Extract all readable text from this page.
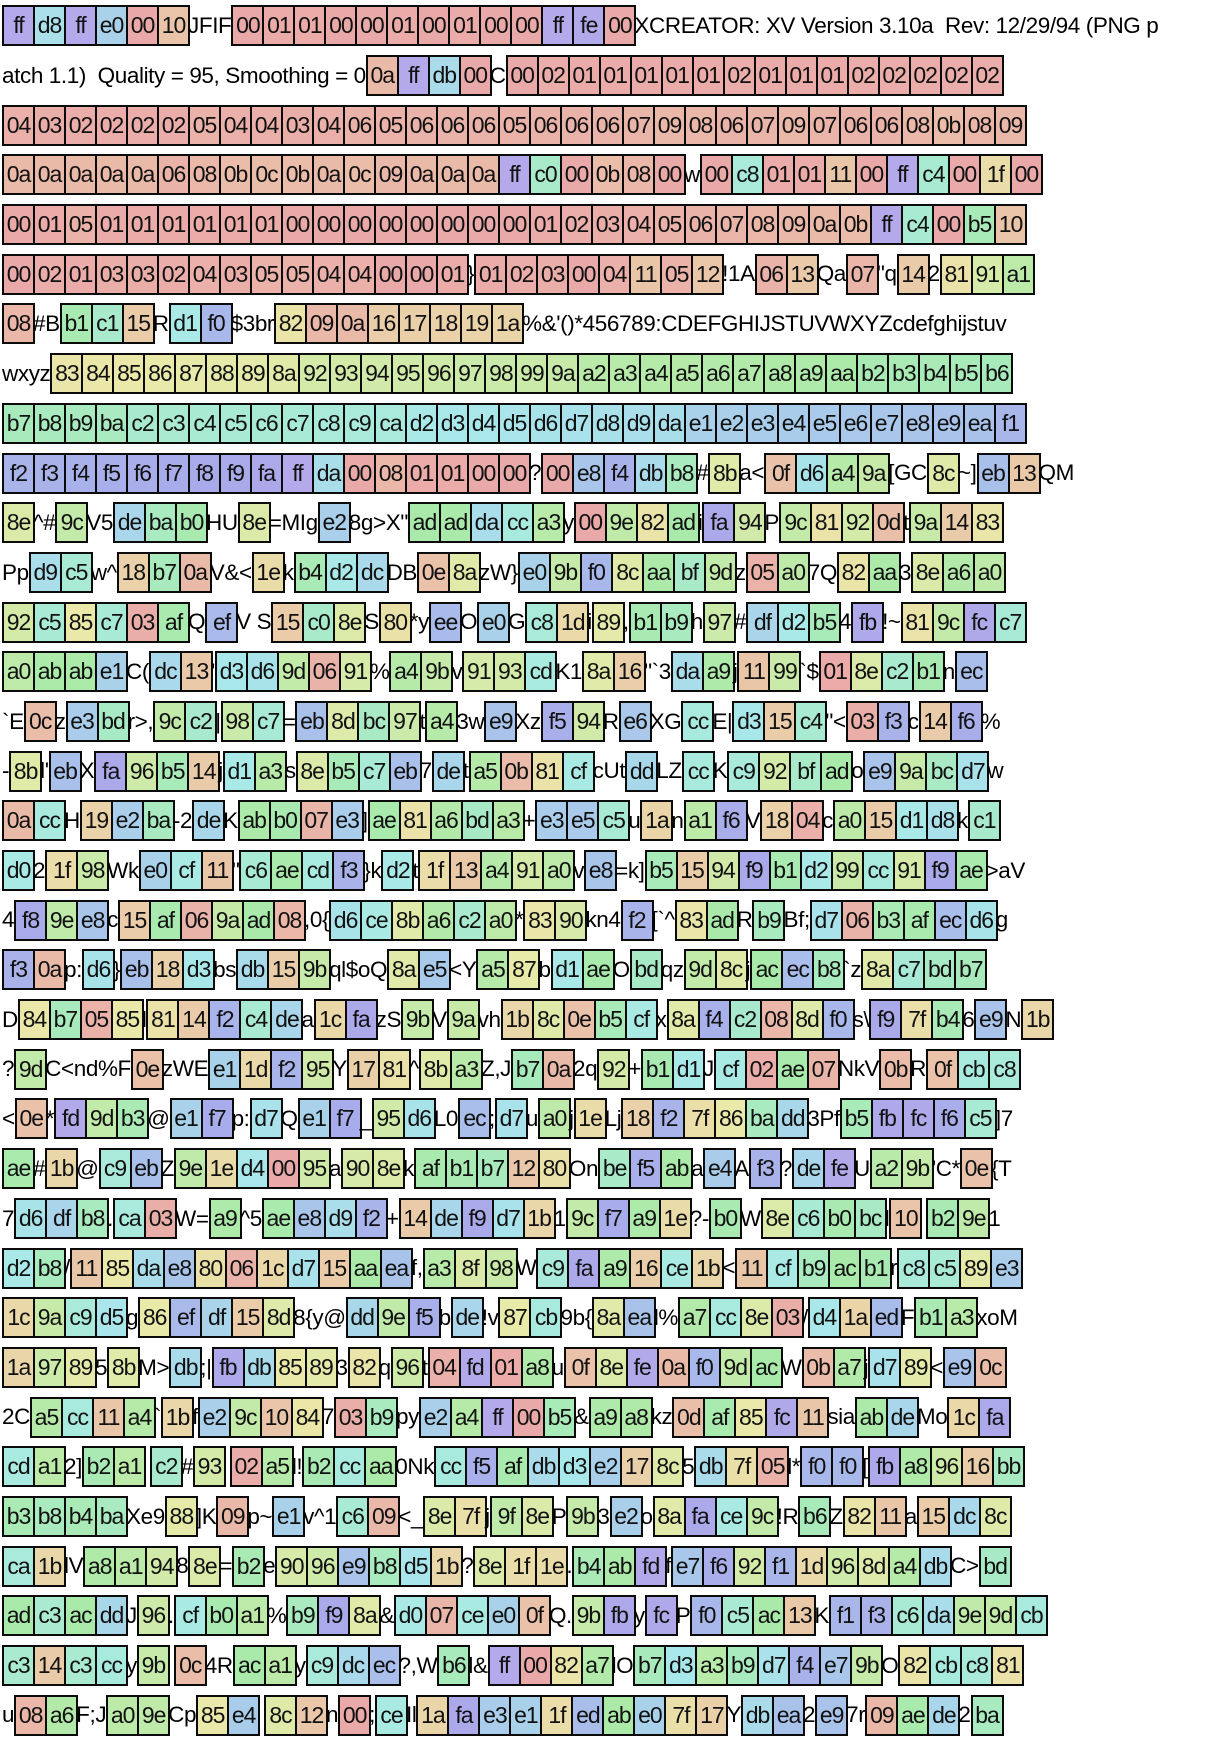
ff d8 ff e0 00 10 JFIF 00 01 01 00 00 01 00 01 00 00 ff fe 00 XCREATOR: XV Version 3.10a  Rev: 12/29/94 (PNG p
atch 1.1)  Quality = 95, Smoothing = 0 0a ff db 00 C 00 02 01 01 01 01 01 02 01 01 01 02 02 02 02 02
04 03 02 02 02 02 05 04 04 03 04 06 05 06 06 06 05 06 06 06 07 09 08 06 07 09 07 06 06 08 0b 08 09
0a 0a 0a 0a 0a 06 08 0b 0c 0b 0a 0c 09 0a 0a 0a ff c0 00 0b 08 00 w 00 c8 01 01 11 00 ff c4 00 1f 00
00 01 05 01 01 01 01 01 01 00 00 00 00 00 00 00 00 01 02 03 04 05 06 07 08 09 0a 0b ff c4 00 b5 10
00 02 01 03 03 02 04 03 05 05 04 04 00 00 01 } 01 02 03 00 04 11 05 12 !1A 06 13 Qa 07 "q 14 2 81 91 a1
08 #B b1 c1 15 R d1 f0 $3br 82 09 0a 16 17 18 19 1a %&'()*456789:CDEFGHIJSTUVWXYZcdefghijstuv
wxyz 83 84 85 86 87 88 89 8a 92 93 94 95 96 97 98 99 9a a2 a3 a4 a5 a6 a7 a8 a9 aa b2 b3 b4 b5 b6
b7 b8 b9 ba c2 c3 c4 c5 c6 c7 c8 c9 ca d2 d3 d4 d5 d6 d7 d8 d9 da e1 e2 e3 e4 e5 e6 e7 e8 e9 ea f1
f2 f3 f4 f5 f6 f7 f8 f9 fa ff da 00 08 01 01 00 00 ? 00 e8 f4 db b8 # 8b a< 0f d6 a4 9a [GC 8c ~] eb 13 QM
8e ^# 9c V5 de ba b0 HU 8e =MIg e2 8g>X" ad ad da cc a3 y 00 9e 82 ad i fa 94 P 9c 81 92 0d t 9a 14 83
Pp d9 c5 w^ 18 b7 0a V&< 1e k b4 d2 dc DB 0e 8a zW} e0 9b f0 8c aa bf 9d z 05 a0 7Q 82 aa 3 8e a6 a0
92 c5 85 c7 03 af Q ef V S 15 c0 8e S 80 *y ee O e0 G c8 1d i 89 , b1 b9 h 97 # df d2 b5 4 fb !~ 81 9c fc c7
a0 ab ab e1 C( dc 13 ' d3 d6 9d 06 91 % a4 9b v 91 93 cd K1 8a 16 "`3 da a9 j 11 99 `$ 01 8e c2 b1 n ec
`E 0c z e3 bd r>, 9c c2 | 98 c7 = eb 8d bc 97 t a4 3w e9 Xz f5 94 R e6 XG cc E| d3 15 c4 "< 03 f3 c 14 f6 %
- 8b l' eb X fa 96 b5 14 j d1 a3 s 8e b5 c7 eb 7 de t a5 0b 81 cf cUt dd LZ cc K c9 92 bf ad o e9 9a bc d7 w
0a cc H 19 e2 ba -2 de K ab b0 07 e3 ] ae 81 a6 bd a3 + e3 e5 c5 u 1a n a1 f6 V 18 04 c a0 15 d1 d8 k c1
d0 2 1f 98 Wk e0 cf 11 " c6 ae cd f3 }k d2 t 1f 13 a4 91 a0 v e8 =k] b5 15 94 f9 b1 d2 99 cc 91 f9 ae >aV
4 f8 9e e8 c 15 af 06 9a ad 08 ,0{ d6 ce 8b a6 c2 a0 * 83 90 kn4 f2 [`^ 83 ad R b9 Bf; d7 06 b3 af ec d6 g
f3 0a p: d6 } eb 18 d3 bs db 15 9b ql$oQ 8a e5 <Y a5 87 b d1 ae O bd qz 9d 8c j ac ec b8 `z 8a c7 bd b7
D 84 b7 05 85 l 81 14 f2 c4 de a 1c fa zS 9b V 9a vh 1b 8c 0e b5 cf x 8a f4 c2 08 8d f0 s\ f9 7f b4 6 e9 N 1b
? 9d C<nd%F 0e zWE e1 1d f2 95 Y 17 81 ^ 8b a3 Z,J b7 0a 2q 92 + b1 d1 J cf 02 ae 07 NkV 0b R 0f cb c8
< 0e * fd 9d b3 @ e1 f7 p: d7 Q e1 f7 _ 95 d6 L0 ec ; d7 u a0 j 1e Lj 18 f2 7f 86 ba dd 3Pf b5 fb fc f6 c5 ]7
ae # 1b @ c9 eb Z 9e 1e d4 00 95 a 90 8e k af b1 b7 12 80 On be f5 ab a e4 A f3 ? de fe U a2 9b 'C* 0e {T
7 d6 df b8 . ca 03 W= a9 ^5 ae e8 d9 f2 + 14 de f9 d7 1b 1 9c f7 a9 1e ?- b0 W 8e c6 b0 bc l 10 b2 9e 1
d2 b8 / 11 85 da e8 80 06 1c d7 15 aa ea f, a3 8f 98 W c9 fa a9 16 ce 1b < 11 cf b9 ac b1 r c8 c5 89 e3
1c 9a c9 d5 g 86 ef df 15 8d 8{y@ dd 9e f5 b de !v 87 cb 9b{ 8a ea l% a7 cc 8e 03 / d4 1a ed F b1 a3 xoM
1a 97 89 5 8b M> db ;| fb db 85 89 3 82 q 96 t 04 fd 01 a8 u 0f 8e fe 0a f0 9d ac W 0b a7 j d7 89 < e9 0c
2C a5 cc 11 a4 ` 1b f e2 9c 10 84 7 03 b9 py e2 a4 ff 00 b5 & a9 a8 kz 0d af 85 fc 11 sia ab de Mo 1c fa
cd a1 2] b2 a1 c2 # 93 02 a5 l! b2 cc aa 0Nk cc f5 af db d3 e2 17 8c 5 db 7f 05 l* f0 f0 [ fb a8 96 16 bb
b3 b8 b4 ba Xe9 88 ]K 09 p~ e1 v^1 c6 09 <_ 8e 7f j 9f 8e P 9b 3 e2 o 8a fa ce 9c !R b6 Z 82 11 a 15 dc 8c
ca 1b lV a8 a1 94 8 8e = b2 e 90 96 e9 b8 d5 1b ? 8e 1f 1e . b4 ab fd f e7 f6 92 f1 1d 96 8d a4 db C> bd
ad c3 ac dd J 96 . cf b0 a1 % b9 f9 8a & d0 07 ce e0 0f Q. 9b fb y fc P f0 c5 ac 13 K f1 f3 c6 da 9e 9d cb
c3 14 c3 cc y 9b 0c 4R ac a1 y c9 dc ec ?,W b6 l& ff 00 82 a7 lO b7 d3 a3 b9 d7 f4 e7 9b O 82 cb c8 81
u 08 a6 F;J a0 9e Cp 85 e4 8c 12 n 00 ; ce Il 1a fa e3 e1 1f ed ab e0 7f 17 Y db ea 2 e9 7r 09 ae de 2 ba
